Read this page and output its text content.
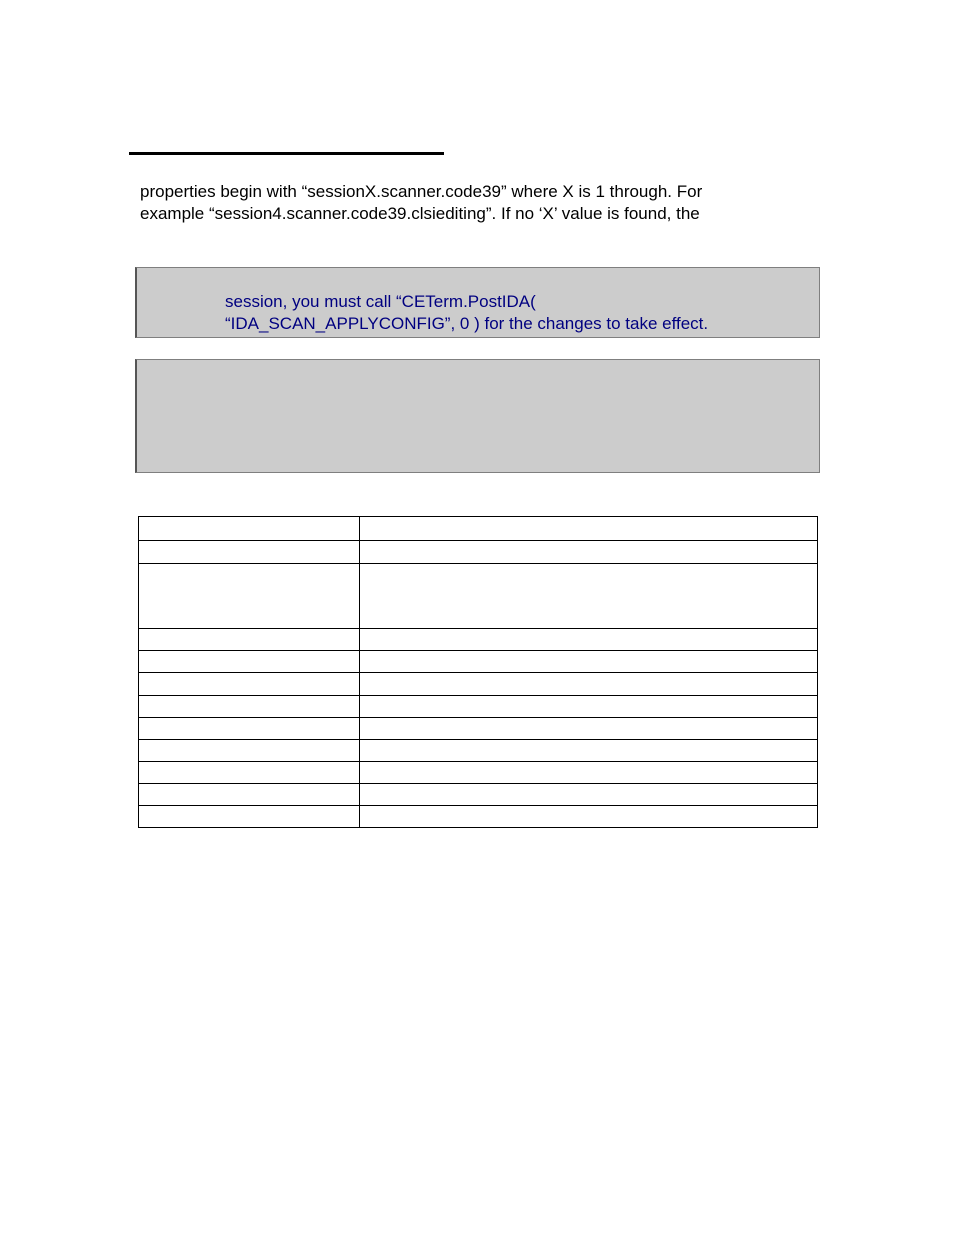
properties begin with “sessionX.scanner.code39” where X is 1 through. For
example “session4.scanner.code39.clsiediting”. If no ‘X’ value is found, the
session, you must call “CETerm.PostIDA(
“IDA_SCAN_APPLYCONFIG”, 0 ) for the changes to take effect.
